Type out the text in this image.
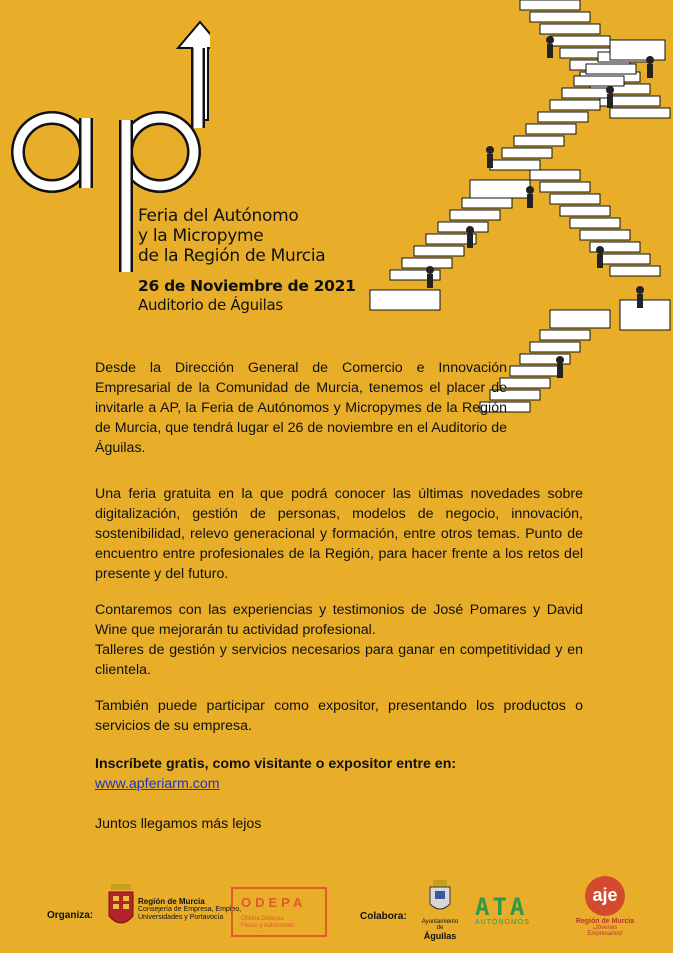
Feria del Autónomo
y la Micropyme
de la Región de Murcia
26 de Noviembre de 2021
Auditorio de Águilas

Desde la Dirección General de Comercio e Innovación Empresarial de la Comunidad de Murcia, tenemos el placer de invitarle a AP, la Feria de Autónomos y Micropymes de la Región de Murcia, que tendrá lugar el 26 de noviembre en el Auditorio de Águilas.

Una feria gratuita en la que podrá conocer las últimas novedades sobre digitalización, gestión de personas, modelos de negocio, innovación, sostenibilidad, relevo generacional y formación, entre otros temas. Punto de encuentro entre profesionales de la Región, para hacer frente a los retos del presente y del futuro.

Contaremos con las experiencias y testimonios de José Pomares y David Wine que mejorarán tu actividad profesional.

Talleres de gestión y servicios necesarios para ganar en competitividad y en clientela.

También puede participar como expositor, presentando los productos o servicios de su empresa.

Inscríbete gratis, como visitante o expositor entre en:
www.apferiarm.com

Juntos llegamos más lejos

Organiza:
Región de Murcia
Consejería de Empresa, Empleo,
Universidades y Portavocía
ODEPA
Oficina Defensa
Ferias y Autónomos
Colabora:	Ayuntamiento de
Águilas
ATA
AUTÓNOMOS
aje
Región de Murcia
¡Jóvenes Empresarios!
